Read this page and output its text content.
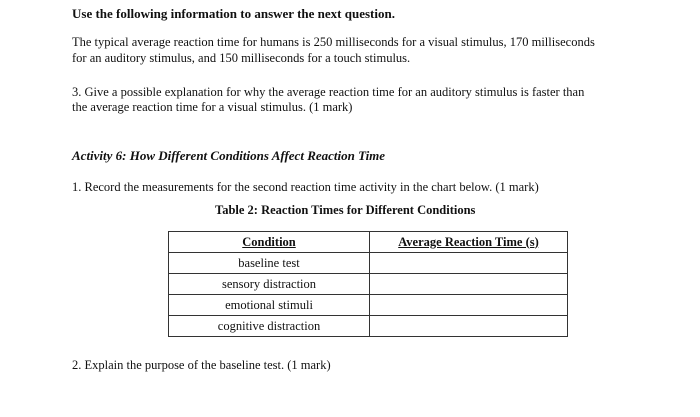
Use the following information to answer the next question.
The typical average reaction time for humans is 250 milliseconds for a visual stimulus, 170 milliseconds
for an auditory stimulus, and 150 milliseconds for a touch stimulus.
3. Give a possible explanation for why the average reaction time for an auditory stimulus is faster than
the average reaction time for a visual stimulus. (1 mark)
Activity 6: How Different Conditions Affect Reaction Time
1. Record the measurements for the second reaction time activity in the chart below. (1 mark)
Table 2: Reaction Times for Different Conditions
Condition	Average Reaction Time (s)
baseline test	
sensory distraction	
emotional stimuli	
cognitive distraction	
2. Explain the purpose of the baseline test. (1 mark)
